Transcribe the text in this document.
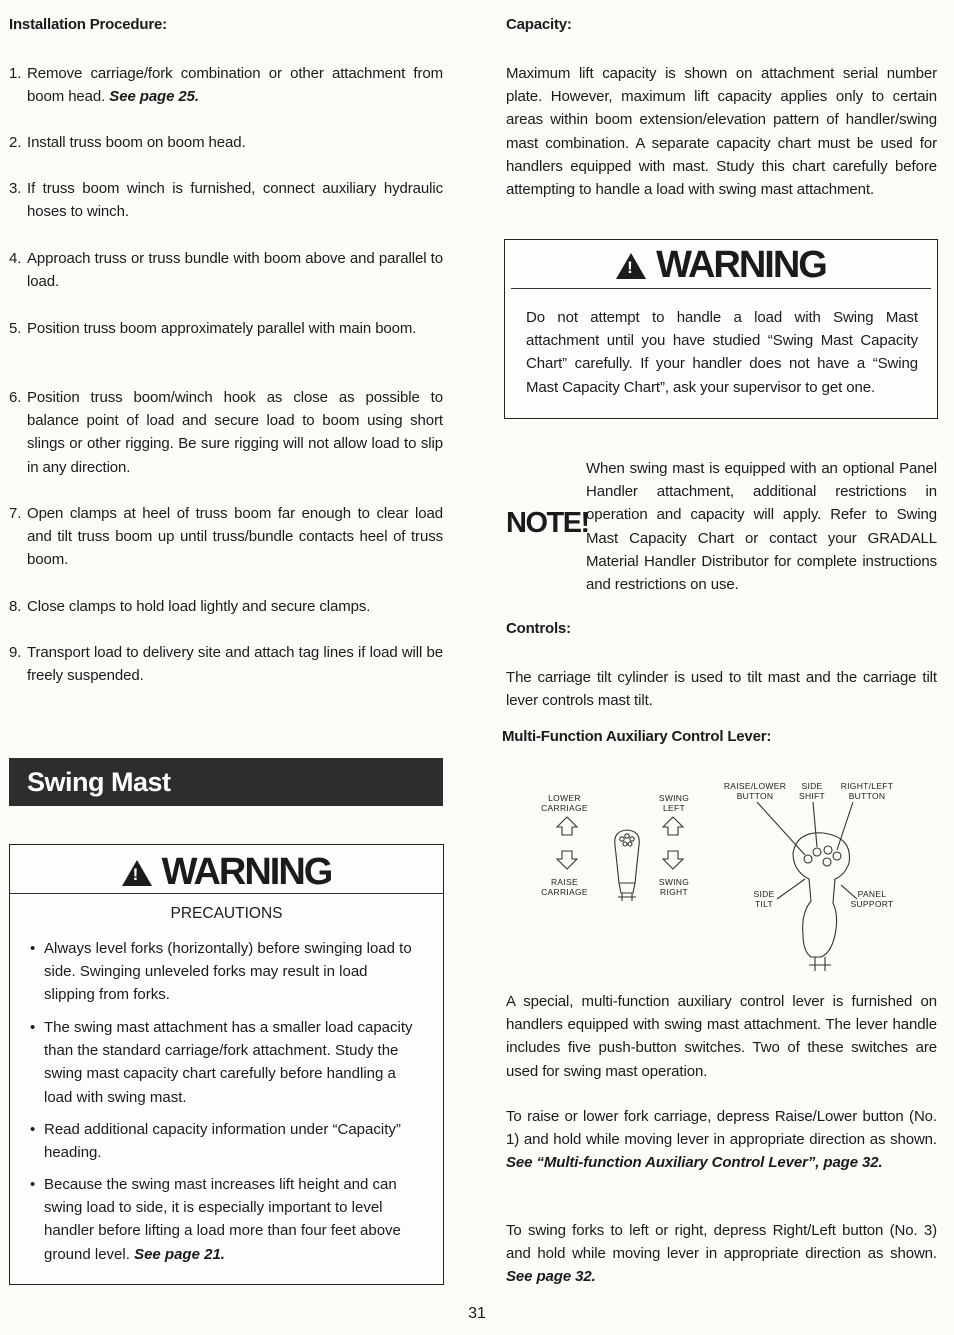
Installation Procedure:
1. Remove carriage/fork combination or other attachment from boom head. See page 25.
2. Install truss boom on boom head.
3. If truss boom winch is furnished, connect auxiliary hydraulic hoses to winch.
4. Approach truss or truss bundle with boom above and parallel to load.
5. Position truss boom approximately parallel with main boom.
6. Position truss boom/winch hook as close as possible to balance point of load and secure load to boom using short slings or other rigging. Be sure rigging will not allow load to slip in any direction.
7. Open clamps at heel of truss boom far enough to clear load and tilt truss boom up until truss/bundle contacts heel of truss boom.
8. Close clamps to hold load lightly and secure clamps.
9. Transport load to delivery site and attach tag lines if load will be freely suspended.
Swing Mast
!WARNING
PRECAUTIONS
• Always level forks (horizontally) before swinging load to side. Swinging unleveled forks may result in load slipping from forks.
• The swing mast attachment has a smaller load capacity than the standard carriage/fork attachment. Study the swing mast capacity chart carefully before handling a load with swing mast.
• Read additional capacity information under “Capacity” heading.
• Because the swing mast increases lift height and can swing load to side, it is especially important to level handler before lifting a load more than four feet above ground level. See page 21.
Capacity:
Maximum lift capacity is shown on attachment serial number plate. However, maximum lift capacity applies only to certain areas within boom extension/elevation pattern of handler/swing mast combination. A separate capacity chart must be used for handlers equipped with mast. Study this chart carefully before attempting to handle a load with swing mast attachment.
!WARNING
Do not attempt to handle a load with Swing Mast attachment until you have studied “Swing Mast Capacity Chart” carefully. If your handler does not have a “Swing Mast Capacity Chart”, ask your supervisor to get one.
NOTE!
When swing mast is equipped with an optional Panel Handler attachment, additional restrictions in operation and capacity will apply. Refer to Swing Mast Capacity Chart or contact your GRADALL Material Handler Distributor for complete instructions and restrictions on use.
Controls:
The carriage tilt cylinder is used to tilt mast and the carriage tilt lever controls mast tilt.
Multi-Function Auxiliary Control Lever:
LOWER CARRIAGE
RAISE CARRIAGE
SWING LEFT
SWING RIGHT
RAISE/LOWER BUTTON
SIDE SHIFT
RIGHT/LEFT BUTTON
SIDE TILT
PANEL SUPPORT
A special, multi-function auxiliary control lever is furnished on handlers equipped with swing mast attachment. The lever handle includes five push-button switches. Two of these switches are used for swing mast operation.
To raise or lower fork carriage, depress Raise/Lower button (No. 1) and hold while moving lever in appropriate direction as shown. See “Multi-function Auxiliary Control Lever”, page 32.
To swing forks to left or right, depress Right/Left button (No. 3) and hold while moving lever in appropriate direction as shown. See page 32.
31
